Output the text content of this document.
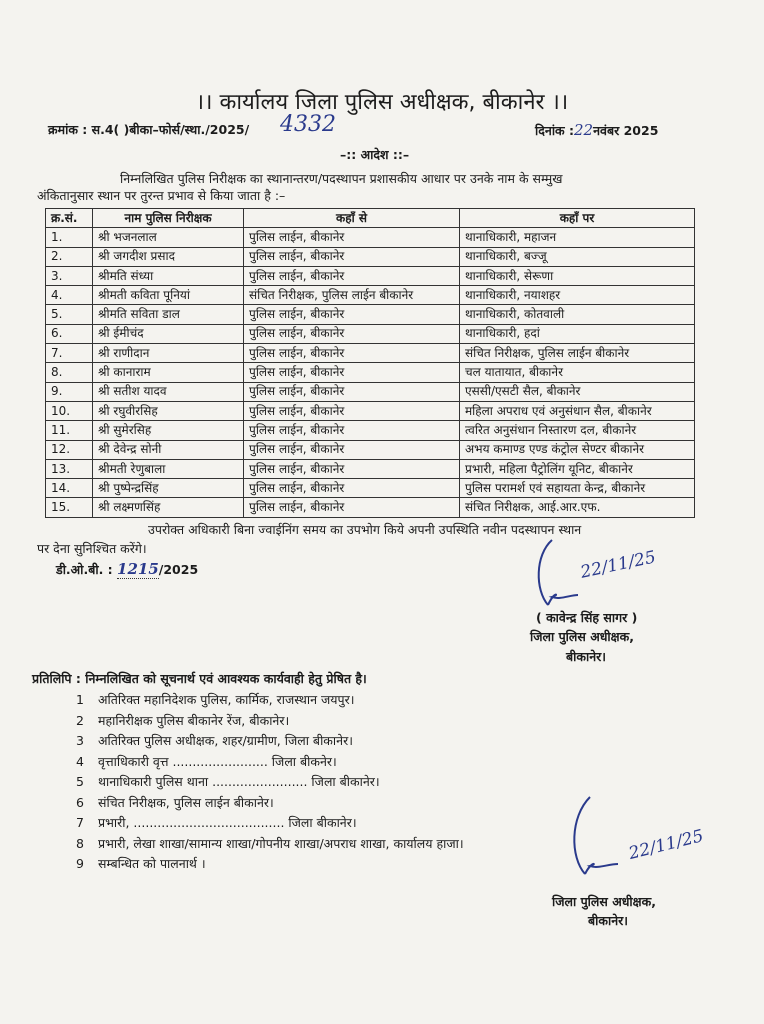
।। कार्यालय जिला पुलिस अधीक्षक, बीकानेर ।।
क्रमांक : स.4( )बीका–फोर्स/स्था./2025/ 4332	दिनांक :22नवंबर 2025
–:: आदेश ::–
निम्नलिखित पुलिस निरीक्षक का स्थानान्तरण/पदस्थापन प्रशासकीय आधार पर उनके नाम के सम्मुख
अंकितानुसार स्थान पर तुरन्त प्रभाव से किया जाता है :–
क्र.सं.	नाम पुलिस निरीक्षक	कहाँ से	कहाँ पर
1.	श्री भजनलाल	पुलिस लाईन, बीकानेर	थानाधिकारी, महाजन
2.	श्री जगदीश प्रसाद	पुलिस लाईन, बीकानेर	थानाधिकारी, बज्जू
3.	श्रीमति संध्या	पुलिस लाईन, बीकानेर	थानाधिकारी, सेरूणा
4.	श्रीमती कविता पूनियां	संचित निरीक्षक, पुलिस लाईन बीकानेर	थानाधिकारी, नयाशहर
5.	श्रीमति सविता डाल	पुलिस लाईन, बीकानेर	थानाधिकारी, कोतवाली
6.	श्री ईमीचंद	पुलिस लाईन, बीकानेर	थानाधिकारी, हदां
7.	श्री राणीदान	पुलिस लाईन, बीकानेर	संचित निरीक्षक, पुलिस लाईन बीकानेर
8.	श्री कानाराम	पुलिस लाईन, बीकानेर	चल यातायात, बीकानेर
9.	श्री सतीश यादव	पुलिस लाईन, बीकानेर	एससी/एसटी सैल, बीकानेर
10.	श्री रघुवीरसिह	पुलिस लाईन, बीकानेर	महिला अपराध एवं अनुसंधान सैल, बीकानेर
11.	श्री सुमेरसिह	पुलिस लाईन, बीकानेर	त्वरित अनुसंधान निस्तारण दल, बीकानेर
12.	श्री देवेन्द्र सोनी	पुलिस लाईन, बीकानेर	अभय कमाण्ड एण्ड कंट्रोल सेण्टर बीकानेर
13.	श्रीमती रेणुबाला	पुलिस लाईन, बीकानेर	प्रभारी, महिला पैट्रोलिंग यूनिट, बीकानेर
14.	श्री पुष्पेन्द्रसिंह	पुलिस लाईन, बीकानेर	पुलिस परामर्श एवं सहायता केन्द्र, बीकानेर
15.	श्री लक्ष्मणसिंह	पुलिस लाईन, बीकानेर	संचित निरीक्षक, आई.आर.एफ.
उपरोक्त अधिकारी बिना ज्वाईनिंग समय का उपभोग किये अपनी उपस्थिति नवीन पदस्थापन स्थान
पर देना सुनिश्चित करेंगे।
डी.ओ.बी. : 1215/2025	22/11/25
( कावेन्द्र सिंह सागर )
जिला पुलिस अधीक्षक,
बीकानेर।
प्रतिलिपि : निम्नलिखित को सूचनार्थ एवं आवश्यक कार्यवाही हेतु प्रेषित है।
1 अतिरिक्त महानिदेशक पुलिस, कार्मिक, राजस्थान जयपुर।
2 महानिरीक्षक पुलिस बीकानेर रेंज, बीकानेर।
3 अतिरिक्त पुलिस अधीक्षक, शहर/ग्रामीण, जिला बीकानेर।
4 वृत्ताधिकारी वृत्त ........................ जिला बीकनेर।
5 थानाधिकारी पुलिस थाना ........................ जिला बीकानेर।
6 संचित निरीक्षक, पुलिस लाईन बीकानेर।
7 प्रभारी, ...................................... जिला बीकानेर।
8 प्रभारी, लेखा शाखा/सामान्य शाखा/गोपनीय शाखा/अपराध शाखा, कार्यालय हाजा।
9 सम्बन्धित को पालनार्थ ।	22/11/25
जिला पुलिस अधीक्षक,
बीकानेर।
